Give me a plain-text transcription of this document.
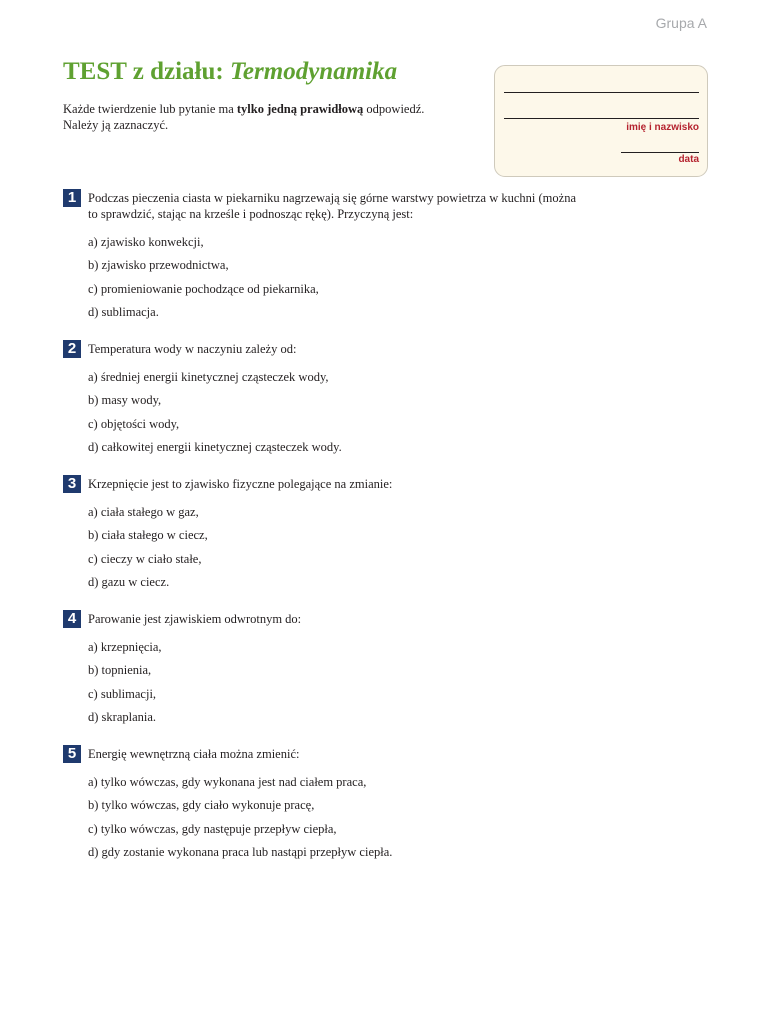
Grupa A
TEST z działu: Termodynamika
Każde twierdzenie lub pytanie ma tylko jedną prawidłową odpowiedź.
Należy ją zaznaczyć.	imię i nazwisko
data
1 Podczas pieczenia ciasta w piekarniku nagrzewają się górne warstwy powietrza w kuchni (można to sprawdzić, stając na krześle i podnosząc rękę). Przyczyną jest:
a) zjawisko konwekcji,
b) zjawisko przewodnictwa,
c) promieniowanie pochodzące od piekarnika,
d) sublimacja.
2 Temperatura wody w naczyniu zależy od:
a) średniej energii kinetycznej cząsteczek wody,
b) masy wody,
c) objętości wody,
d) całkowitej energii kinetycznej cząsteczek wody.
3 Krzepnięcie jest to zjawisko fizyczne polegające na zmianie:
a) ciała stałego w gaz,
b) ciała stałego w ciecz,
c) cieczy w ciało stałe,
d) gazu w ciecz.
4 Parowanie jest zjawiskiem odwrotnym do:
a) krzepnięcia,
b) topnienia,
c) sublimacji,
d) skraplania.
5 Energię wewnętrzną ciała można zmienić:
a) tylko wówczas, gdy wykonana jest nad ciałem praca,
b) tylko wówczas, gdy ciało wykonuje pracę,
c) tylko wówczas, gdy następuje przepływ ciepła,
d) gdy zostanie wykonana praca lub nastąpi przepływ ciepła.
